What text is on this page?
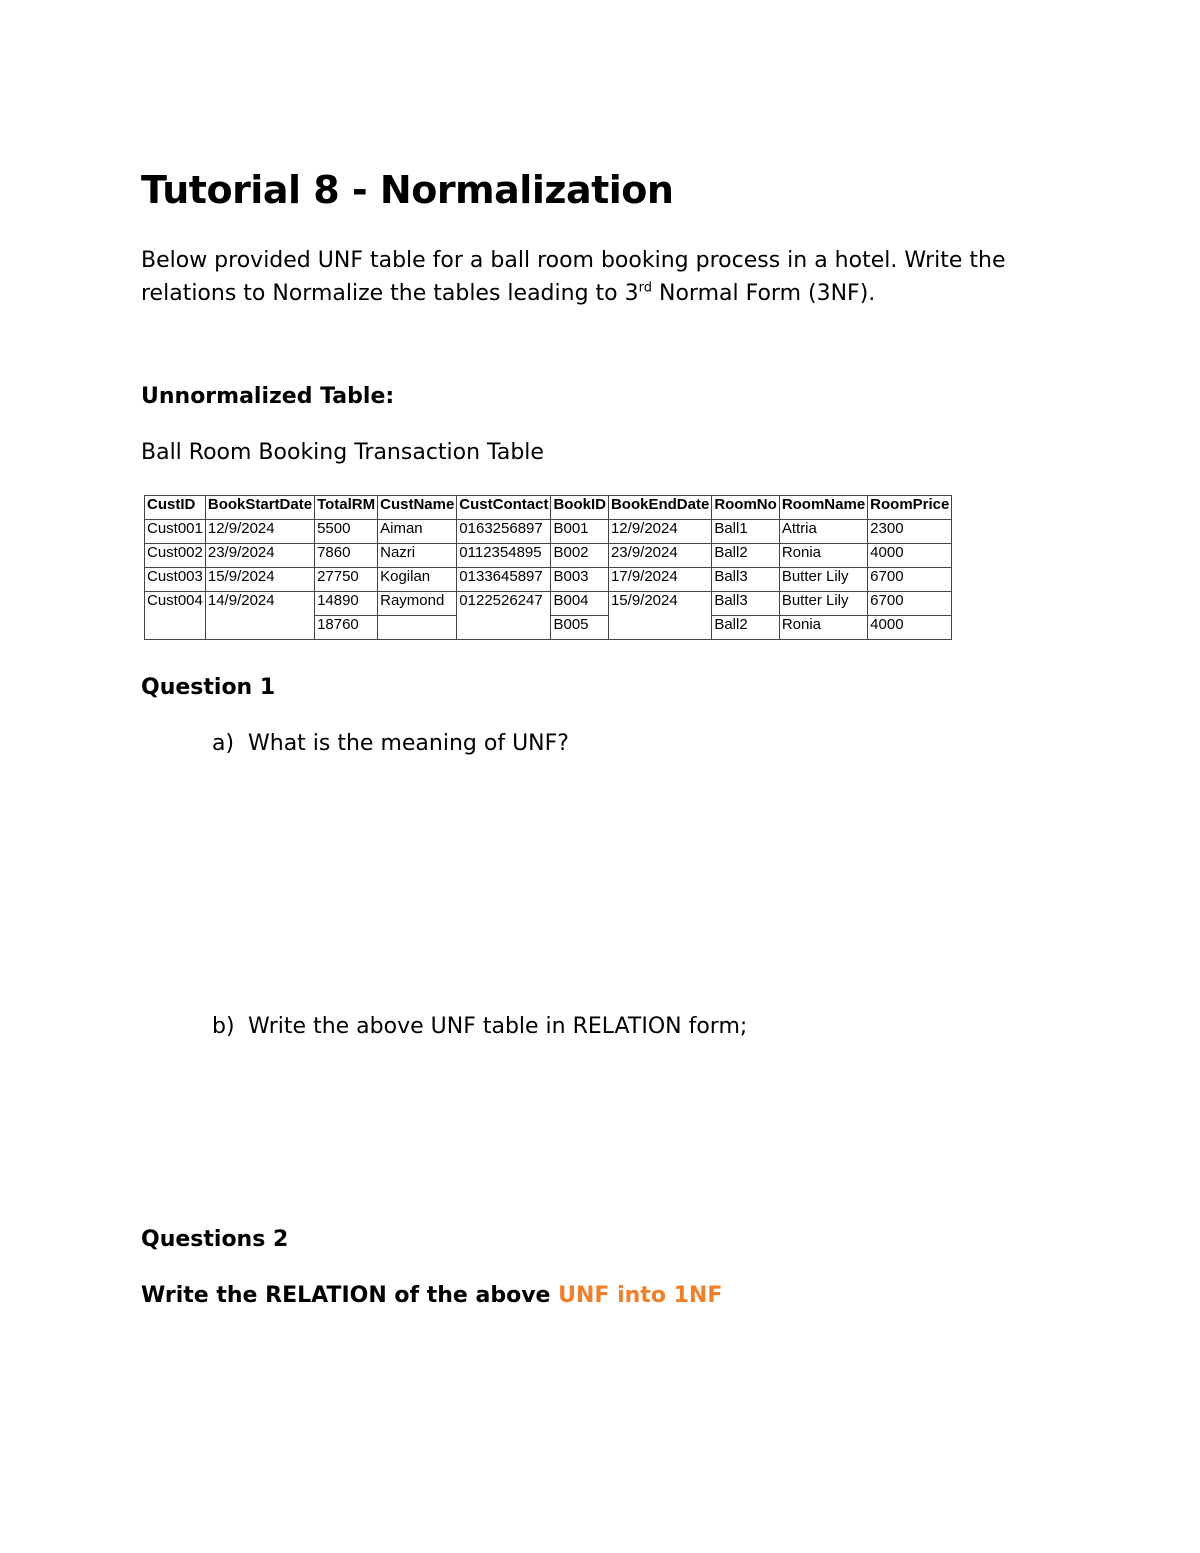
Tutorial 8 - Normalization

Below provided UNF table for a ball room booking process in a hotel. Write the
relations to Normalize the tables leading to 3rd Normal Form (3NF).

Unnormalized Table:

Ball Room Booking Transaction Table

CustID	BookStartDate	TotalRM	CustName	CustContact	BookID	BookEndDate	RoomNo	RoomName	RoomPrice
Cust001	12/9/2024	5500	Aiman	0163256897	B001	12/9/2024	Ball1	Attria	2300
Cust002	23/9/2024	7860	Nazri	0112354895	B002	23/9/2024	Ball2	Ronia	4000
Cust003	15/9/2024	27750	Kogilan	0133645897	B003	17/9/2024	Ball3	Butter Lily	6700
Cust004	14/9/2024	14890	Raymond	0122526247	B004	15/9/2024	Ball3	Butter Lily	6700
		18760			B005		Ball2	Ronia	4000

Question 1

a) What is the meaning of UNF?

b) Write the above UNF table in RELATION form;

Questions 2

Write the RELATION of the above UNF into 1NF
